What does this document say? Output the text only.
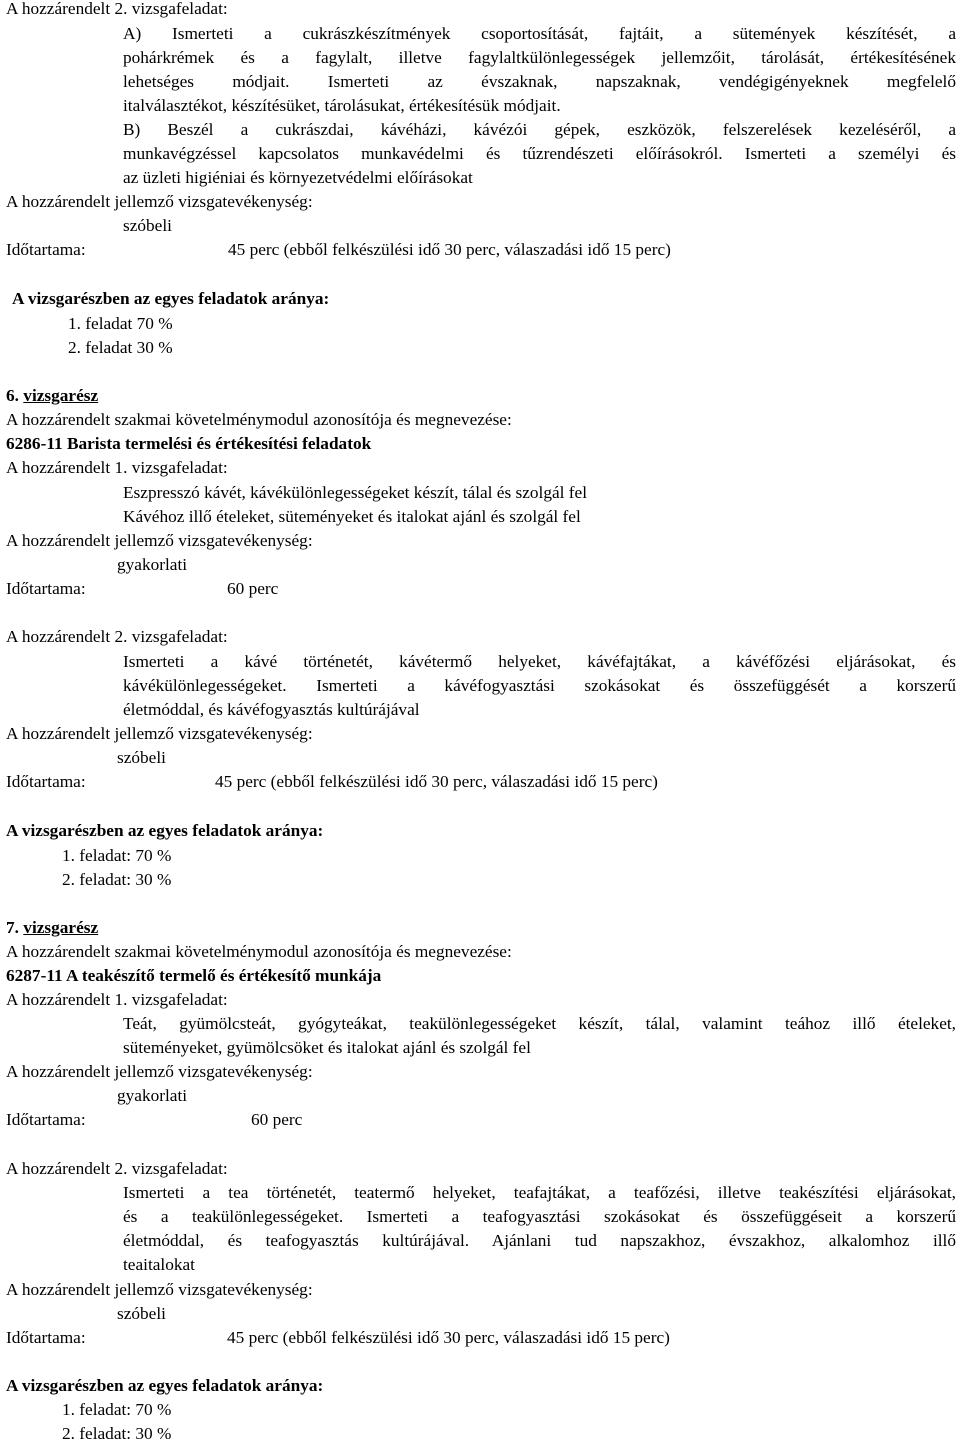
A hozzárendelt 2. vizsgafeladat:
A) Ismerteti a cukrászkészítmények csoportosítását, fajtáit, a sütemények készítését, a
pohárkrémek és a fagylalt, illetve fagylaltkülönlegességek jellemzőit, tárolását, értékesítésének
lehetséges módjait. Ismerteti az évszaknak, napszaknak, vendégigényeknek megfelelő
italválasztékot, készítésüket, tárolásukat, értékesítésük módjait.
B) Beszél a cukrászdai, kávéházi, kávézói gépek, eszközök, felszerelések kezeléséről, a
munkavégzéssel kapcsolatos munkavédelmi és tűzrendészeti előírásokról. Ismerteti a személyi és
az üzleti higiéniai és környezetvédelmi előírásokat
A hozzárendelt jellemző vizsgatevékenység:
szóbeli
Időtartama:	45 perc (ebből felkészülési idő 30 perc, válaszadási idő 15 perc)
A vizsgarészben az egyes feladatok aránya:
1. feladat 70 %
2. feladat 30 %
6. vizsgarész
A hozzárendelt szakmai követelménymodul azonosítója és megnevezése:
6286-11 Barista termelési és értékesítési feladatok
A hozzárendelt 1. vizsgafeladat:
Eszpresszó kávét, kávékülönlegességeket készít, tálal és szolgál fel
Kávéhoz illő ételeket, süteményeket és italokat ajánl és szolgál fel
A hozzárendelt jellemző vizsgatevékenység:
gyakorlati
Időtartama:	60 perc
A hozzárendelt 2. vizsgafeladat:
Ismerteti a kávé történetét, kávétermő helyeket, kávéfajtákat, a kávéfőzési eljárásokat, és
kávékülönlegességeket. Ismerteti a kávéfogyasztási szokásokat és összefüggését a korszerű
életmóddal, és kávéfogyasztás kultúrájával
A hozzárendelt jellemző vizsgatevékenység:
szóbeli
Időtartama:	45 perc (ebből felkészülési idő 30 perc, válaszadási idő 15 perc)
A vizsgarészben az egyes feladatok aránya:
1. feladat: 70 %
2. feladat: 30 %
7. vizsgarész
A hozzárendelt szakmai követelménymodul azonosítója és megnevezése:
6287-11 A teakészítő termelő és értékesítő munkája
A hozzárendelt 1. vizsgafeladat:
Teát, gyümölcsteát, gyógyteákat, teakülönlegességeket készít, tálal, valamint teához illő ételeket,
süteményeket, gyümölcsöket és italokat ajánl és szolgál fel
A hozzárendelt jellemző vizsgatevékenység:
gyakorlati
Időtartama:	60 perc
A hozzárendelt 2. vizsgafeladat:
Ismerteti a tea történetét, teatermő helyeket, teafajtákat, a teafőzési, illetve teakészítési eljárásokat,
és a teakülönlegességeket. Ismerteti a teafogyasztási szokásokat és összefüggéseit a korszerű
életmóddal, és teafogyasztás kultúrájával. Ajánlani tud napszakhoz, évszakhoz, alkalomhoz illő
teaitalokat
A hozzárendelt jellemző vizsgatevékenység:
szóbeli
Időtartama:	45 perc (ebből felkészülési idő 30 perc, válaszadási idő 15 perc)
A vizsgarészben az egyes feladatok aránya:
1. feladat: 70 %
2. feladat: 30 %
